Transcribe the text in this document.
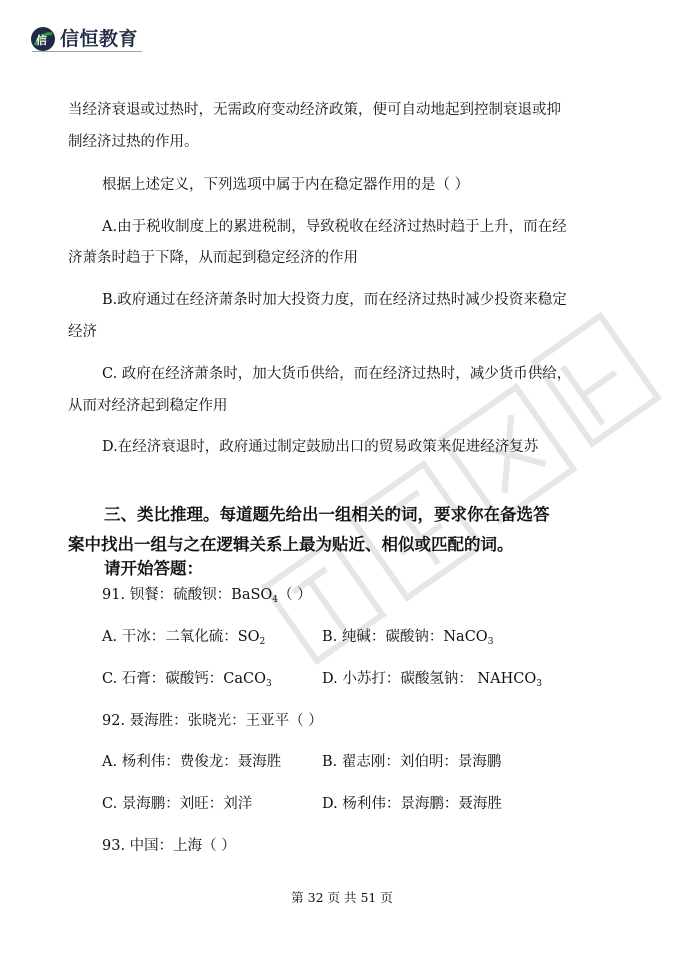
信 信恒教育
当经济衰退或过热时，无需政府变动经济政策，便可自动地起到控制衰退或抑
制经济过热的作用。
根据上述定义，下列选项中属于内在稳定器作用的是（ ）
A.由于税收制度上的累进税制，导致税收在经济过热时趋于上升，而在经
济萧条时趋于下降，从而起到稳定经济的作用
B.政府通过在经济萧条时加大投资力度，而在经济过热时减少投资来稳定
经济
C. 政府在经济萧条时，加大货币供给，而在经济过热时，减少货币供给，
从而对经济起到稳定作用
D.在经济衰退时，政府通过制定鼓励出口的贸易政策来促进经济复苏
三、类比推理。每道题先给出一组相关的词，要求你在备选答
案中找出一组与之在逻辑关系上最为贴近、相似或匹配的词。
请开始答题：
91. 钡餐：硫酸钡：BaSO$_4$（ ）
A. 干冰：二氧化硫：$SO_2$	B. 纯碱：碳酸钠：NaCO$_3$
C. 石膏：碳酸钙：CaCO$_3$	D. 小苏打：碳酸氢钠： $NAHCO_3$
92. 聂海胜：张晓光：王亚平（ ）
A. 杨利伟：费俊龙：聂海胜	B. 翟志刚：刘伯明：景海鹏
C. 景海鹏：刘旺：刘洋	D. 杨利伟：景海鹏：聂海胜
93. 中国：上海（ ）
第 32 页 共 51 页
